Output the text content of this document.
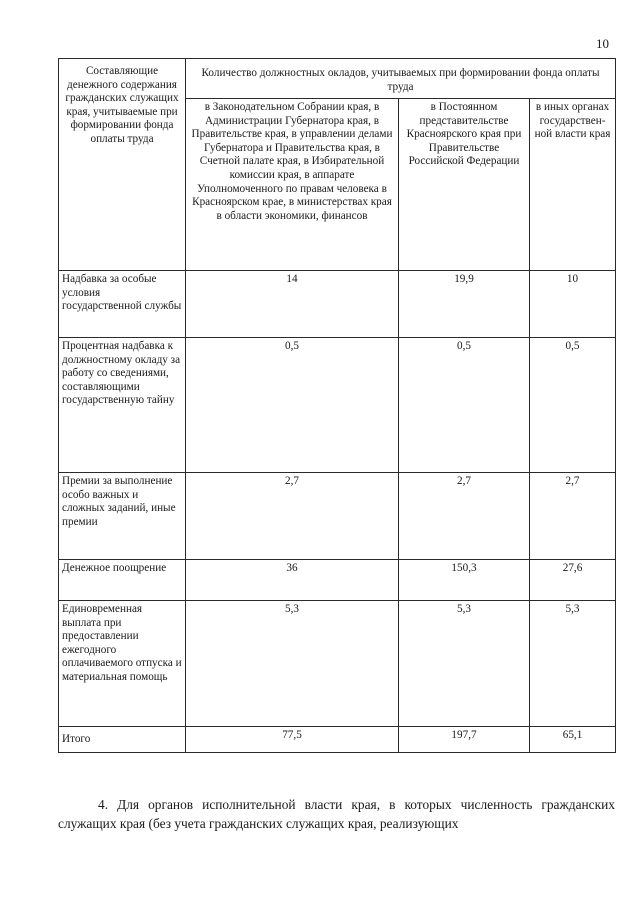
10
Составляющие денежного содержания гражданских служащих края, учитываемые при формировании фонда оплаты труда	Количество должностных окладов, учитываемых при формировании фонда оплаты труда		
	в Законодательном Собрании края, в Администрации Губернатора края, в Правительстве края, в управлении делами Губернатора и Правительства края, в Счетной палате края, в Избирательной комиссии края, в аппарате Уполномоченного по правам человека в Красноярском крае, в министерствах края в области экономики, финансов	в Постоянном представительстве Красноярского края при Правительстве Российской Федерации	в иных органах государствен-ной власти края
Надбавка за особые условия государственной службы	14	19,9	10
Процентная надбавка к должностному окладу за работу со сведениями, составляющими государственную тайну	0,5	0,5	0,5
Премии за выполнение особо важных и сложных заданий, иные премии	2,7	2,7	2,7
Денежное поощрение	36	150,3	27,6
Единовременная выплата при предоставлении ежегодного оплачиваемого отпуска и материальная помощь	5,3	5,3	5,3
Итого	77,5	197,7	65,1

4. Для органов исполнительной власти края, в которых численность гражданских служащих края (без учета гражданских служащих края, реализующих
